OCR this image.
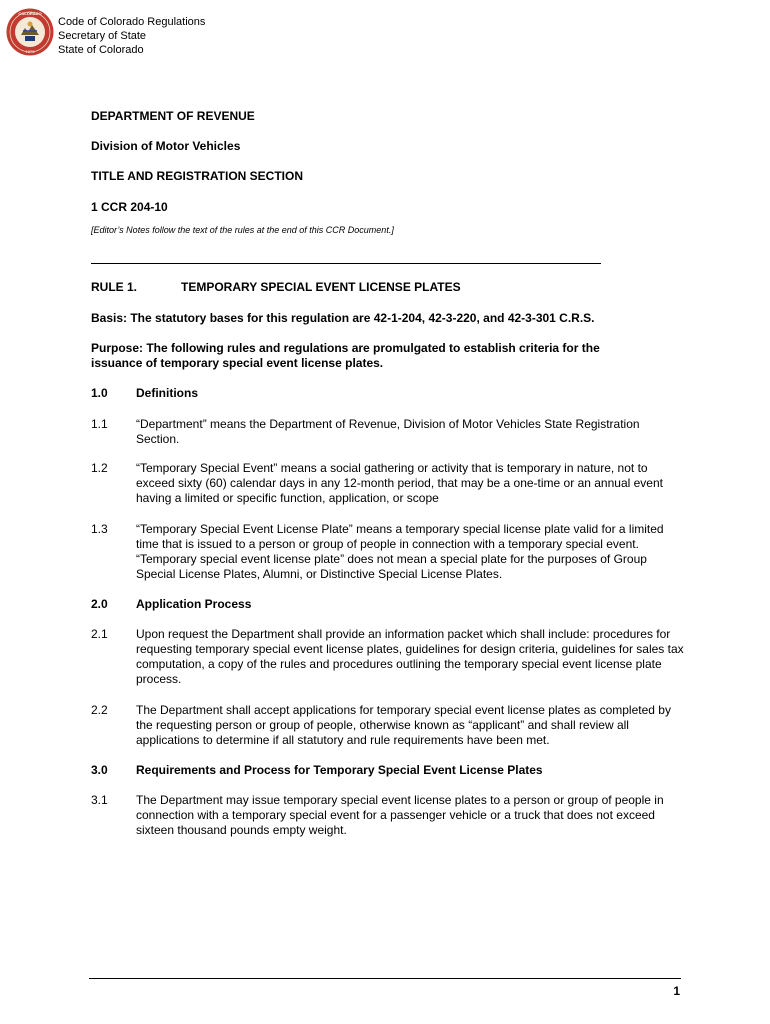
COLORADO
1876
Code of Colorado Regulations
Secretary of State
State of Colorado
DEPARTMENT OF REVENUE
Division of Motor Vehicles
TITLE AND REGISTRATION SECTION
1 CCR 204-10
[Editor’s Notes follow the text of the rules at the end of this CCR Document.]
RULE 1.	TEMPORARY SPECIAL EVENT LICENSE PLATES
Basis: The statutory bases for this regulation are 42-1-204, 42-3-220, and 42-3-301 C.R.S.
Purpose: The following rules and regulations are promulgated to establish criteria for the issuance of temporary special event license plates.
1.0 Definitions
1.1 “Department” means the Department of Revenue, Division of Motor Vehicles State Registration Section.
1.2 “Temporary Special Event” means a social gathering or activity that is temporary in nature, not to exceed sixty (60) calendar days in any 12-month period, that may be a one-time or an annual event having a limited or specific function, application, or scope
1.3 “Temporary Special Event License Plate” means a temporary special license plate valid for a limited time that is issued to a person or group of people in connection with a temporary special event. “Temporary special event license plate” does not mean a special plate for the purposes of Group Special License Plates, Alumni, or Distinctive Special License Plates.
2.0 Application Process
2.1 Upon request the Department shall provide an information packet which shall include: procedures for requesting temporary special event license plates, guidelines for design criteria, guidelines for sales tax computation, a copy of the rules and procedures outlining the temporary special event license plate process.
2.2 The Department shall accept applications for temporary special event license plates as completed by the requesting person or group of people, otherwise known as “applicant” and shall review all applications to determine if all statutory and rule requirements have been met.
3.0 Requirements and Process for Temporary Special Event License Plates
3.1 The Department may issue temporary special event license plates to a person or group of people in connection with a temporary special event for a passenger vehicle or a truck that does not exceed sixteen thousand pounds empty weight.
1
